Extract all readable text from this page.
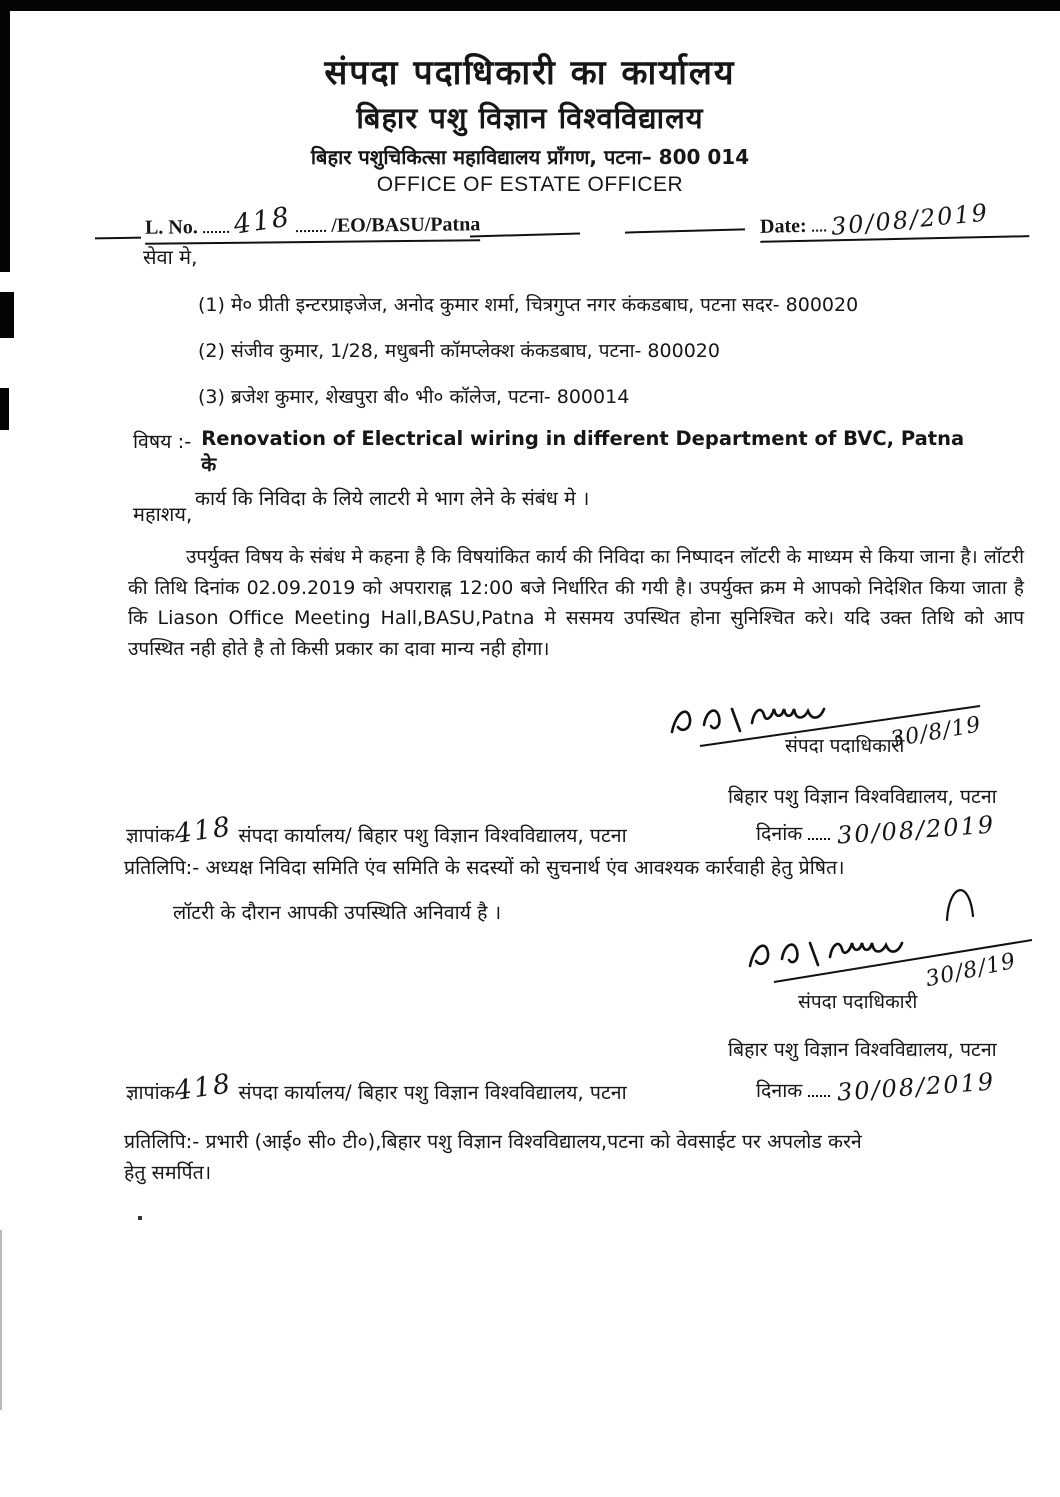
संपदा पदाधिकारी का कार्यालय
बिहार पशु विज्ञान विश्वविद्यालय
बिहार पशुचिकित्सा महाविद्यालय प्राँगण, पटना– 800 014
OFFICE OF ESTATE OFFICER
L. No. 418 /EO/BASU/Patna	Date: 30/08/2019
सेवा मे,
(1) मे० प्रीती इन्टरप्राइजेज, अनोद कुमार शर्मा, चित्रगुप्त नगर कंकडबाघ, पटना सदर- 800020
(2) संजीव कुमार, 1/28, मधुबनी कॉमप्लेक्श कंकडबाघ, पटना- 800020
(3) ब्रजेश कुमार, शेखपुरा बी० भी० कॉलेज, पटना- 800014
विषय :- Renovation of Electrical wiring in different Department of BVC, Patna के
कार्य कि निविदा के लिये लाटरी मे भाग लेने के संबंध मे ।
महाशय,
उपर्युक्त विषय के संबंध मे कहना है कि विषयांकित कार्य की निविदा का निष्पादन लॉटरी के माध्यम से किया जाना है। लॉटरी की तिथि दिनांक 02.09.2019 को अपराराह्न 12:00 बजे निर्धारित की गयी है। उपर्युक्त क्रम मे आपको निदेशित किया जाता है कि Liason Office Meeting Hall,BASU,Patna मे ससमय उपस्थित होना सुनिश्चित करे। यदि उक्त तिथि को आप उपस्थित नही होते है तो किसी प्रकार का दावा मान्य नही होगा।
संपदा पदाधिकारी
30/8/19
बिहार पशु विज्ञान विश्वविद्यालय, पटना
ज्ञापांक418 संपदा कार्यालय/ बिहार पशु विज्ञान विश्वविद्यालय, पटना	दिनांक 30/08/2019
प्रतिलिपि:- अध्यक्ष निविदा समिति एंव समिति के सदस्यों को सुचनार्थ एंव आवश्यक कार्रवाही हेतु प्रेषित।
लॉटरी के दौरान आपकी उपस्थिति अनिवार्य है ।
संपदा पदाधिकारी
30/8/19
बिहार पशु विज्ञान विश्वविद्यालय, पटना
ज्ञापांक418 संपदा कार्यालय/ बिहार पशु विज्ञान विश्वविद्यालय, पटना	दिनाक 30/08/2019
प्रतिलिपि:- प्रभारी (आई० सी० टी०),बिहार पशु विज्ञान विश्वविद्यालय,पटना को वेवसाईट पर अपलोड करने
हेतु समर्पित।
